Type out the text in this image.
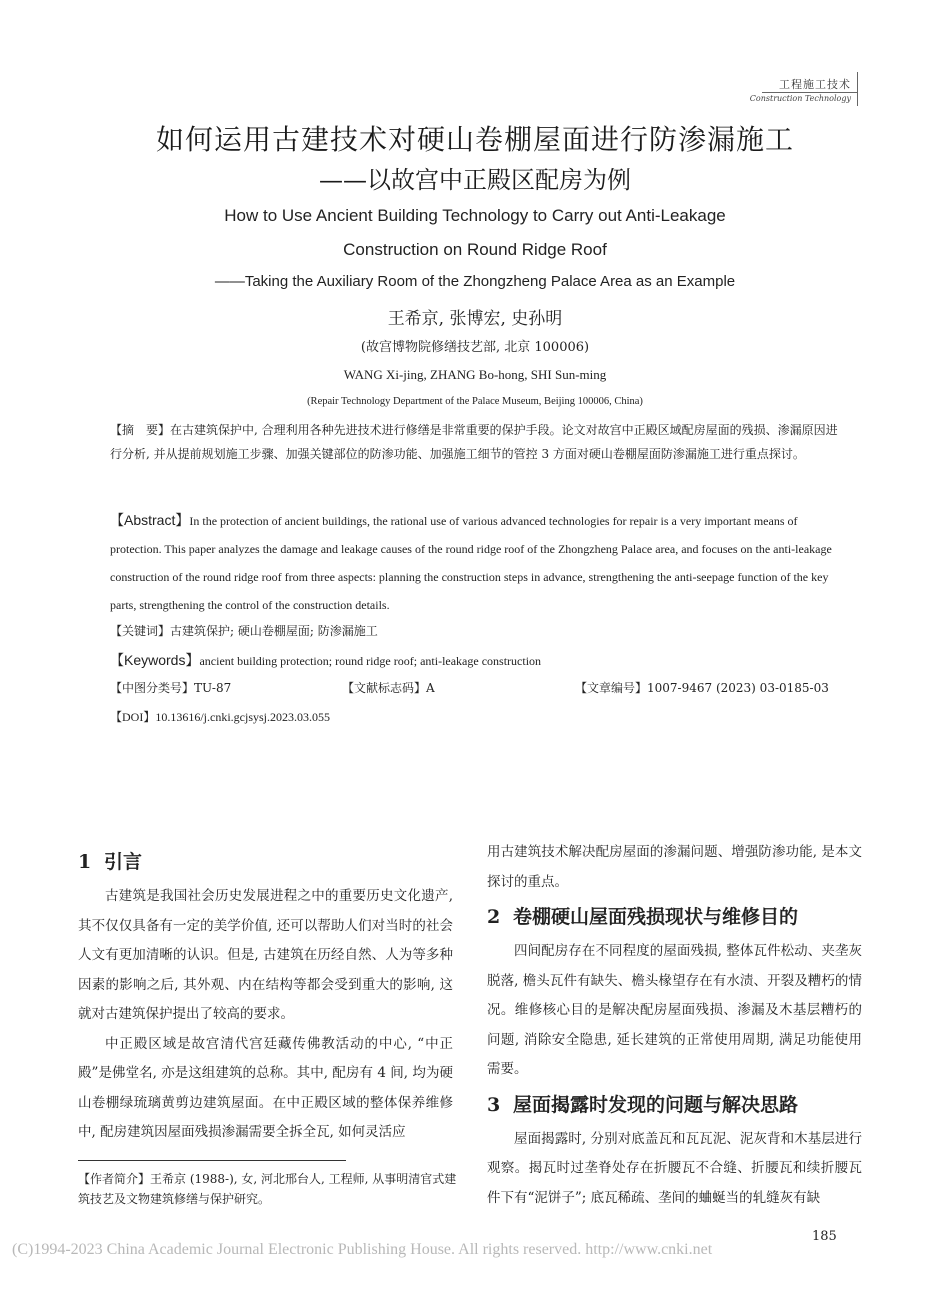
工程施工技术
Construction Technology
如何运用古建技术对硬山卷棚屋面进行防渗漏施工
——以故宫中正殿区配房为例
How to Use Ancient Building Technology to Carry out Anti-Leakage
Construction on Round Ridge Roof
——Taking the Auxiliary Room of the Zhongzheng Palace Area as an Example
王希京, 张博宏, 史孙明
(故宫博物院修缮技艺部, 北京 100006)
WANG Xi-jing, ZHANG Bo-hong, SHI Sun-ming
(Repair Technology Department of the Palace Museum, Beijing 100006, China)
【摘　要】在古建筑保护中, 合理利用各种先进技术进行修缮是非常重要的保护手段。论文对故宫中正殿区域配房屋面的残损、渗漏原因进行分析, 并从提前规划施工步骤、加强关键部位的防渗功能、加强施工细节的管控 3 方面对硬山卷棚屋面防渗漏施工进行重点探讨。
【Abstract】In the protection of ancient buildings, the rational use of various advanced technologies for repair is a very important means of protection. This paper analyzes the damage and leakage causes of the round ridge roof of the Zhongzheng Palace area, and focuses on the anti-leakage construction of the round ridge roof from three aspects: planning the construction steps in advance, strengthening the anti-seepage function of the key parts, strengthening the control of the construction details.
【关键词】古建筑保护; 硬山卷棚屋面; 防渗漏施工
【Keywords】ancient building protection; round ridge roof; anti-leakage construction
【中图分类号】TU-87	【文献标志码】A	【文章编号】1007-9467 (2023) 03-0185-03
【DOI】10.13616/j.cnki.gcjsysj.2023.03.055
1 引言

古建筑是我国社会历史发展进程之中的重要历史文化遗产, 其不仅仅具备有一定的美学价值, 还可以帮助人们对当时的社会人文有更加清晰的认识。但是, 古建筑在历经自然、人为等多种因素的影响之后, 其外观、内在结构等都会受到重大的影响, 这就对古建筑保护提出了较高的要求。

中正殿区域是故宫清代宫廷藏传佛教活动的中心, “中正殿”是佛堂名, 亦是这组建筑的总称。其中, 配房有 4 间, 均为硬山卷棚绿琉璃黄剪边建筑屋面。在中正殿区域的整体保养维修中, 配房建筑因屋面残损渗漏需要全拆全瓦, 如何灵活应

用古建筑技术解决配房屋面的渗漏问题、增强防渗功能, 是本文探讨的重点。

2 卷棚硬山屋面残损现状与维修目的

四间配房存在不同程度的屋面残损, 整体瓦件松动、夹垄灰脱落, 檐头瓦件有缺失、檐头椽望存在有水渍、开裂及糟朽的情况。维修核心目的是解决配房屋面残损、渗漏及木基层糟朽的问题, 消除安全隐患, 延长建筑的正常使用周期, 满足功能使用需要。

3 屋面揭露时发现的问题与解决思路

屋面揭露时, 分别对底盖瓦和瓦瓦泥、泥灰背和木基层进行观察。揭瓦时过垄脊处存在折腰瓦不合缝、折腰瓦和续折腰瓦件下有“泥饼子”; 底瓦稀疏、垄间的蛐蜒当的轧缝灰有缺

【作者简介】王希京 (1988-), 女, 河北邢台人, 工程师, 从事明清官式建筑技艺及文物建筑修缮与保护研究。
185
(C)1994-2023 China Academic Journal Electronic Publishing House. All rights reserved. http://www.cnki.net
